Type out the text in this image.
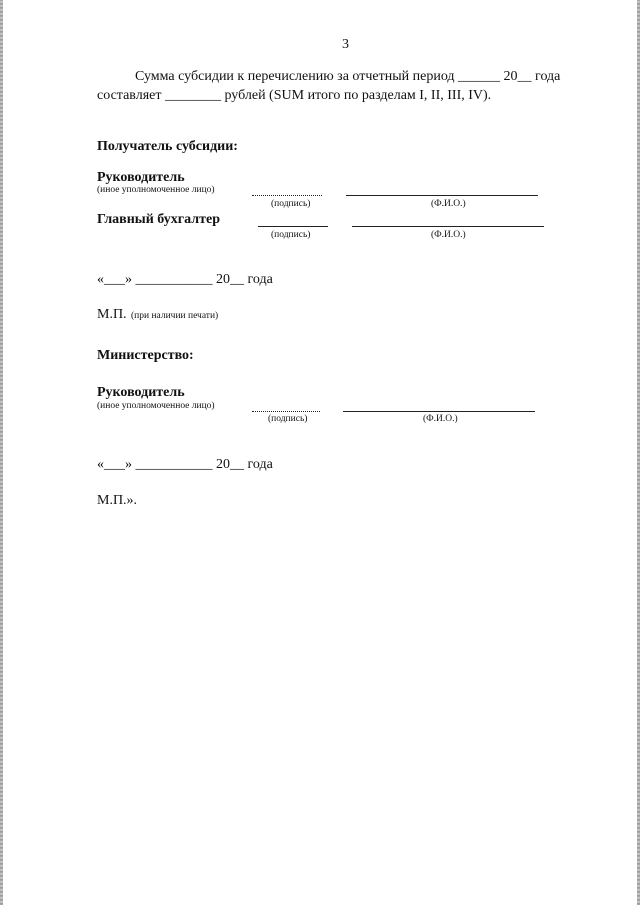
3
Сумма субсидии к перечислению за отчетный период ______ 20__ года
составляет ________ рублей (SUM итого по разделам I, II, III, IV).
Получатель субсидии:
Руководитель
(иное уполномоченное лицо)
(подпись)	(Ф.И.О.)
Главный бухгалтер
(подпись)	(Ф.И.О.)
«___» ___________ 20__ года
М.П. (при наличии печати)
Министерство:
Руководитель
(иное уполномоченное лицо)
(подпись)	(Ф.И.О.)
«___» ___________ 20__ года
М.П.».
